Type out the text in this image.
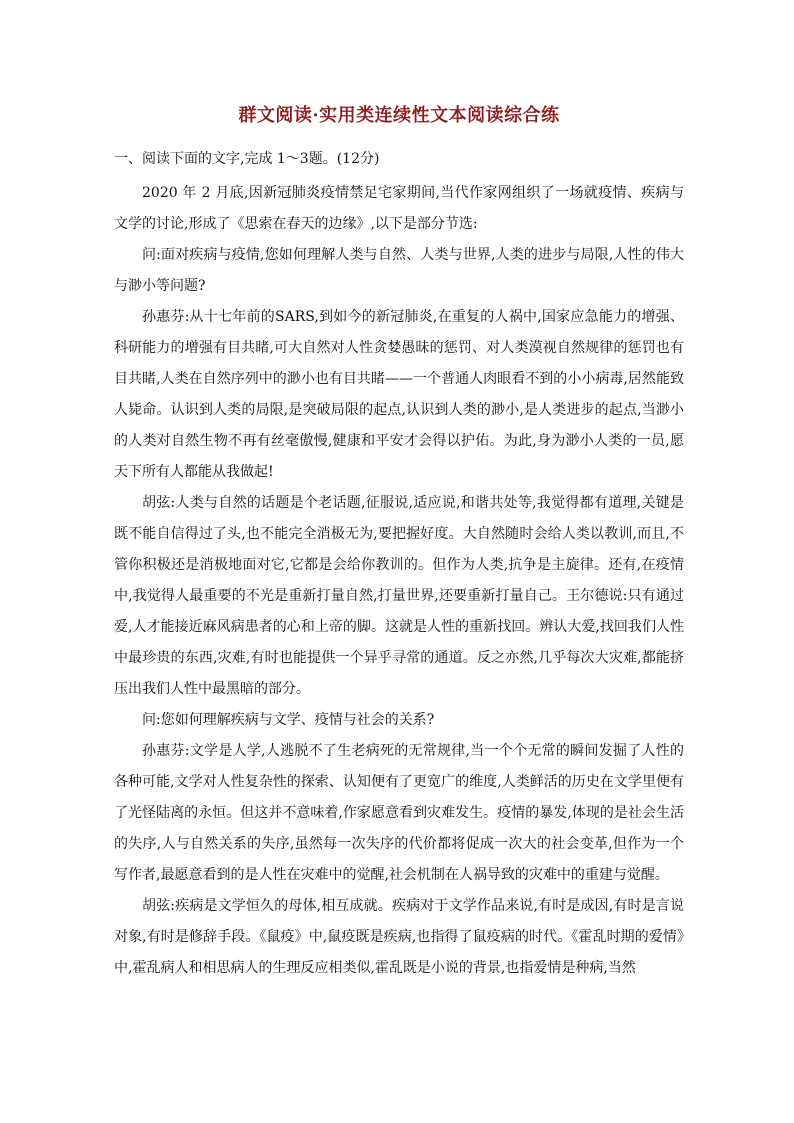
群文阅读·实用类连续性文本阅读综合练

一、阅读下面的文字,完成 1～3题。(12分)

2020 年 2 月底,因新冠肺炎疫情禁足宅家期间,当代作家网组织了一场就疫情、疾病与文学的讨论,形成了《思索在春天的边缘》,以下是部分节选:

问:面对疾病与疫情,您如何理解人类与自然、人类与世界,人类的进步与局限,人性的伟大与渺小等问题?

孙惠芬:从十七年前的SARS,到如今的新冠肺炎,在重复的人祸中,国家应急能力的增强、科研能力的增强有目共睹,可大自然对人性贪婪愚昧的惩罚、对人类漠视自然规律的惩罚也有目共睹,人类在自然序列中的渺小也有目共睹——一个普通人肉眼看不到的小小病毒,居然能致人毙命。认识到人类的局限,是突破局限的起点,认识到人类的渺小,是人类进步的起点,当渺小的人类对自然生物不再有丝毫傲慢,健康和平安才会得以护佑。为此,身为渺小人类的一员,愿天下所有人都能从我做起!

胡弦:人类与自然的话题是个老话题,征服说,适应说,和谐共处等,我觉得都有道理,关键是既不能自信得过了头,也不能完全消极无为,要把握好度。大自然随时会给人类以教训,而且,不管你积极还是消极地面对它,它都是会给你教训的。但作为人类,抗争是主旋律。还有,在疫情中,我觉得人最重要的不光是重新打量自然,打量世界,还要重新打量自己。王尔德说:只有通过爱,人才能接近麻风病患者的心和上帝的脚。这就是人性的重新找回。辨认大爱,找回我们人性中最珍贵的东西,灾难,有时也能提供一个异乎寻常的通道。反之亦然,几乎每次大灾难,都能挤压出我们人性中最黑暗的部分。

问:您如何理解疾病与文学、疫情与社会的关系?

孙惠芬:文学是人学,人逃脱不了生老病死的无常规律,当一个个无常的瞬间发掘了人性的各种可能,文学对人性复杂性的探索、认知便有了更宽广的维度,人类鲜活的历史在文学里便有了光怪陆离的永恒。但这并不意味着,作家愿意看到灾难发生。疫情的暴发,体现的是社会生活的失序,人与自然关系的失序,虽然每一次失序的代价都将促成一次大的社会变革,但作为一个写作者,最愿意看到的是人性在灾难中的觉醒,社会机制在人祸导致的灾难中的重建与觉醒。

胡弦:疾病是文学恒久的母体,相互成就。疾病对于文学作品来说,有时是成因,有时是言说对象,有时是修辞手段。《鼠疫》中,鼠疫既是疾病,也指得了鼠疫病的时代。《霍乱时期的爱情》中,霍乱病人和相思病人的生理反应相类似,霍乱既是小说的背景,也指爱情是种病,当然
